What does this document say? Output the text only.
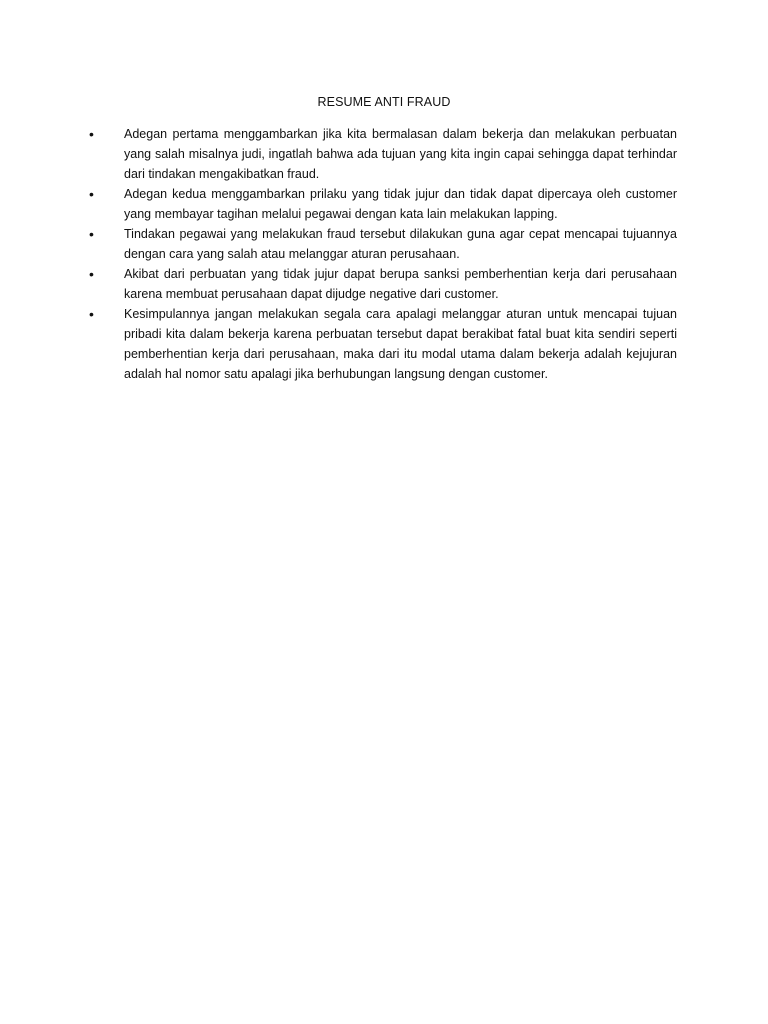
RESUME ANTI FRAUD
• Adegan pertama menggambarkan jika kita bermalasan dalam bekerja dan melakukan perbuatan yang salah misalnya judi, ingatlah bahwa ada tujuan yang kita ingin capai sehingga dapat terhindar dari tindakan mengakibatkan fraud.
• Adegan kedua menggambarkan prilaku yang tidak jujur dan tidak dapat dipercaya oleh customer yang membayar tagihan melalui pegawai dengan kata lain melakukan lapping.
• Tindakan pegawai yang melakukan fraud tersebut dilakukan guna agar cepat mencapai tujuannya dengan cara yang salah atau melanggar aturan perusahaan.
• Akibat dari perbuatan yang tidak jujur dapat berupa sanksi pemberhentian kerja dari perusahaan karena membuat perusahaan dapat dijudge negative dari customer.
• Kesimpulannya jangan melakukan segala cara apalagi melanggar aturan untuk mencapai tujuan pribadi kita dalam bekerja karena perbuatan tersebut dapat berakibat fatal buat kita sendiri seperti pemberhentian kerja dari perusahaan, maka dari itu modal utama dalam bekerja adalah kejujuran adalah hal nomor satu apalagi jika berhubungan langsung dengan customer.
